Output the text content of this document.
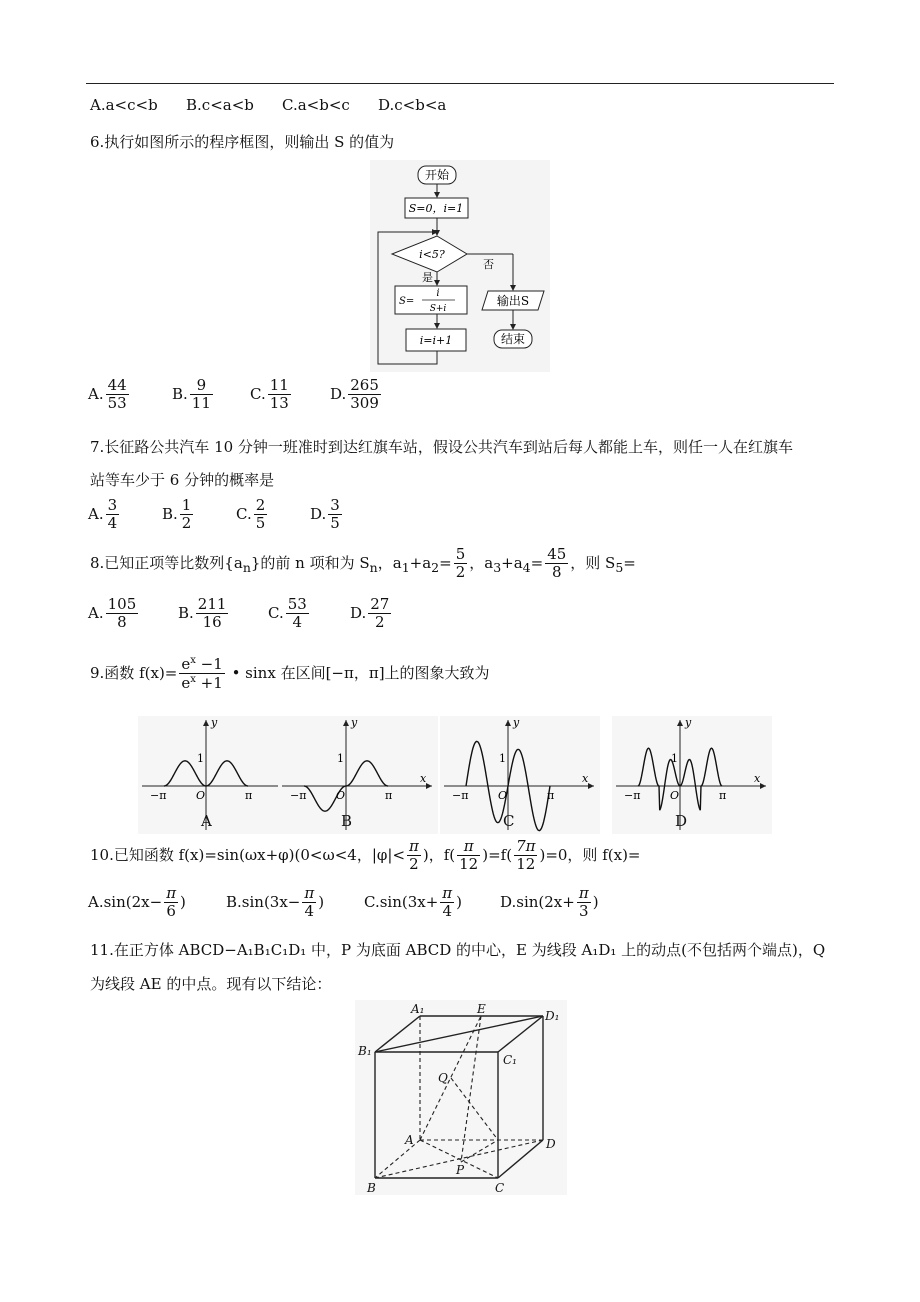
A.a<c<b B.c<a<b C.a<b<c D.c<b<a
6.执行如图所示的程序框图，则输出 S 的值为
开始
S=0，i=1
i<5?
是
否
S=
i
S+i
i=i+1
输出S
结束
A. $\frac{44}{53}$	B. $\frac{9}{11} C$. $\frac{11}{13}$	D. $\frac{265}{309}$
7.长征路公共汽车 10 分钟一班准时到达红旗车站，假设公共汽车到站后每人都能上车，则任一人在红旗车
站等车少于 6 分钟的概率是
A. $\frac{3}{4}$	B. $\frac{1}{2}$	C. $\frac{2}{5}$	D. $\frac{3}{5}$
8.已知正项等比数列$\{a_n\}$的前 n 项和为 $S_n$，$a_1+a_2= \frac{5}{2}$ ，$a_3+a_4= \frac{45}{8}$ ，则 $S_5=$
A. $\frac{105}{8}$	B. $\frac{211}{16}$	C. $\frac{53}{4}$	D. $\frac{27}{2}$
9.函数 $f(x)= \frac{e^x -1}{e^x +1}$ • sinx 在区间[−π，π]上的图象大致为
y
1
O
−π	π
A
y
1
O
−π	π
x
B
y
1
O
−π	π
x
C
y
1
O
−π	π
x
D
10.已知函数 f(x)=sin(ωx+φ)(0<ω<4，$|\varphi|< \frac{\pi}{2}$ )，$f( \frac{\pi}{12} )=f( \frac{7\pi}{12} )=0$，则 f(x)=
$A.\sin(2x- \frac{\pi}{6}$ )	$B.\sin(3x- \frac{\pi}{4}$ )	$C.\sin(3x+ \frac{\pi}{4}$ )	$D.\sin(2x+ \frac{\pi}{3}$ )
11.在正方体 ABCD−A₁B₁C₁D₁ 中，P 为底面 ABCD 的中心，E 为线段 A₁D₁ 上的动点(不包括两个端点)，Q
为线段 AE 的中点。现有以下结论：
A₁	E	D₁
B₁
C₁
Q
A	D
P
B	C
